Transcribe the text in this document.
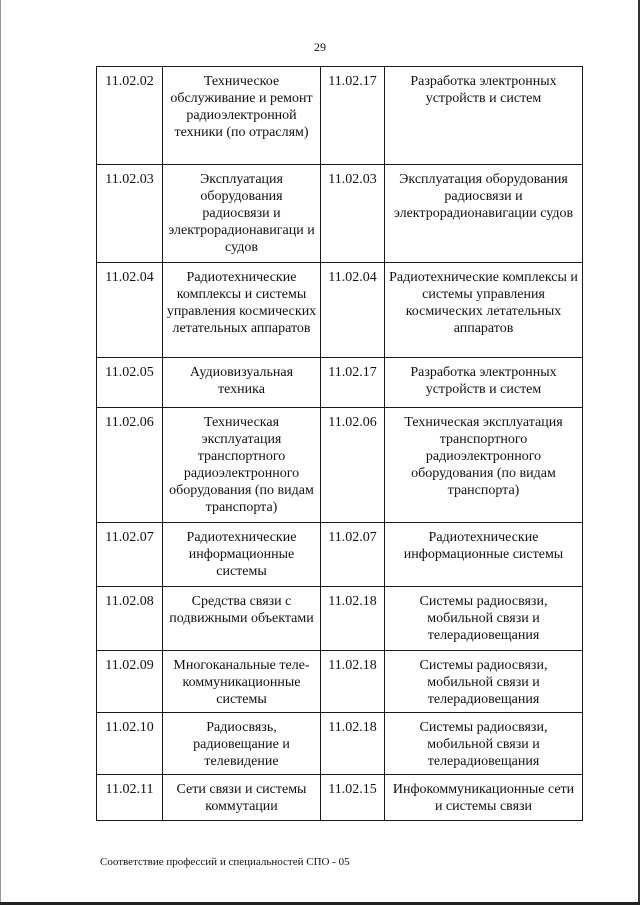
29
11.02.02	Техническое обслуживание и ремонт радиоэлектронной техники (по отраслям)	11.02.17	Разработка электронных устройств и систем
11.02.03	Эксплуатация оборудования радиосвязи и электрорадионавигаци и судов	11.02.03	Эксплуатация оборудования радиосвязи и электрорадионавигации судов
11.02.04	Радиотехнические комплексы и системы управления космических летательных аппаратов	11.02.04	Радиотехнические комплексы и системы управления космических летательных аппаратов
11.02.05	Аудиовизуальная техника	11.02.17	Разработка электронных устройств и систем
11.02.06	Техническая эксплуатация транспортного радиоэлектронного оборудования (по видам транспорта)	11.02.06	Техническая эксплуатация транспортного радиоэлектронного оборудования (по видам транспорта)
11.02.07	Радиотехнические информационные системы	11.02.07	Радиотехнические информационные системы
11.02.08	Средства связи с подвижными объектами	11.02.18	Системы радиосвязи, мобильной связи и телерадиовещания
11.02.09	Многоканальные теле-коммуникационные системы	11.02.18	Системы радиосвязи, мобильной связи и телерадиовещания
11.02.10	Радиосвязь, радиовещание и телевидение	11.02.18	Системы радиосвязи, мобильной связи и телерадиовещания
11.02.11	Сети связи и системы коммутации	11.02.15	Инфокоммуникационные сети и системы связи
Соответствие профессий и специальностей СПО - 05
